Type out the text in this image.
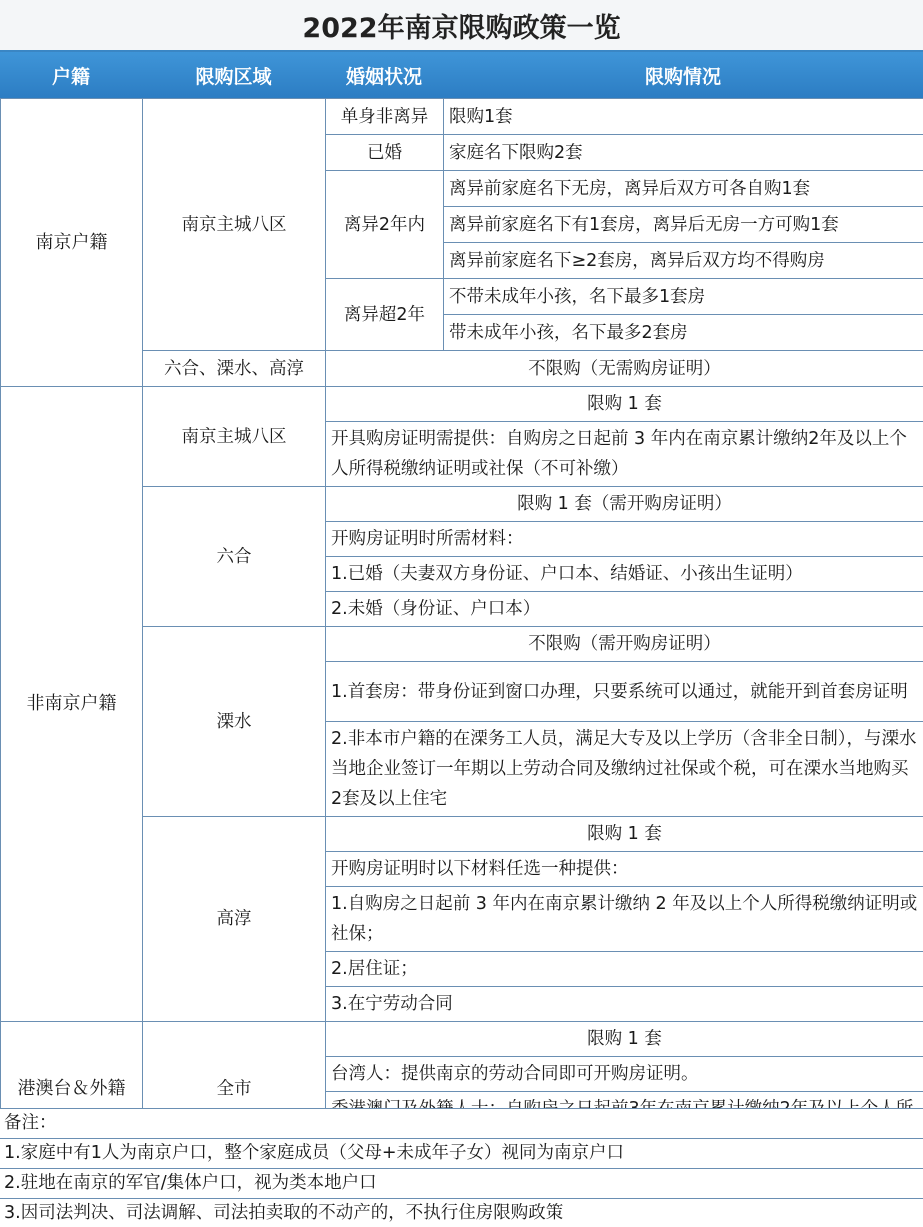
2022年南京限购政策一览
户籍	限购区域	婚姻状况	限购情况
南京户籍	南京主城八区	单身非离异	限购1套
		已婚	家庭名下限购2套
		离异2年内	离异前家庭名下无房，离异后双方可各自购1套
			离异前家庭名下有1套房，离异后无房一方可购1套
			离异前家庭名下≥2套房，离异后双方均不得购房
		离异超2年	不带未成年小孩，名下最多1套房
			带未成年小孩，名下最多2套房
	六合、溧水、高淳	不限购（无需购房证明）	
非南京户籍	南京主城八区	限购 1 套	
		开具购房证明需提供：自购房之日起前 3 年内在南京累计缴纳2年及以上个人所得税缴纳证明或社保（不可补缴）	
	六合	限购 1 套（需开购房证明）	
		开购房证明时所需材料：	
		1.已婚（夫妻双方身份证、户口本、结婚证、小孩出生证明）	
		2.未婚（身份证、户口本）	
	溧水	不限购（需开购房证明）	
		1.首套房：带身份证到窗口办理，只要系统可以通过，就能开到首套房证明	
		2.非本市户籍的在溧务工人员，满足大专及以上学历（含非全日制），与溧水当地企业签订一年期以上劳动合同及缴纳过社保或个税，可在溧水当地购买2套及以上住宅	
	高淳	限购 1 套	
		开购房证明时以下材料任选一种提供：	
		1.自购房之日起前 3 年内在南京累计缴纳 2 年及以上个人所得税缴纳证明或社保；	
		2.居住证；	
		3.在宁劳动合同	
港澳台＆外籍	全市	限购 1 套	
		台湾人：提供南京的劳动合同即可开购房证明。	

备注：
1.家庭中有1人为南京户口，整个家庭成员（父母+未成年子女）视同为南京户口
2.驻地在南京的军官/集体户口，视为类本地户口
3.因司法判决、司法调解、司法拍卖取的不动产的，不执行住房限购政策
